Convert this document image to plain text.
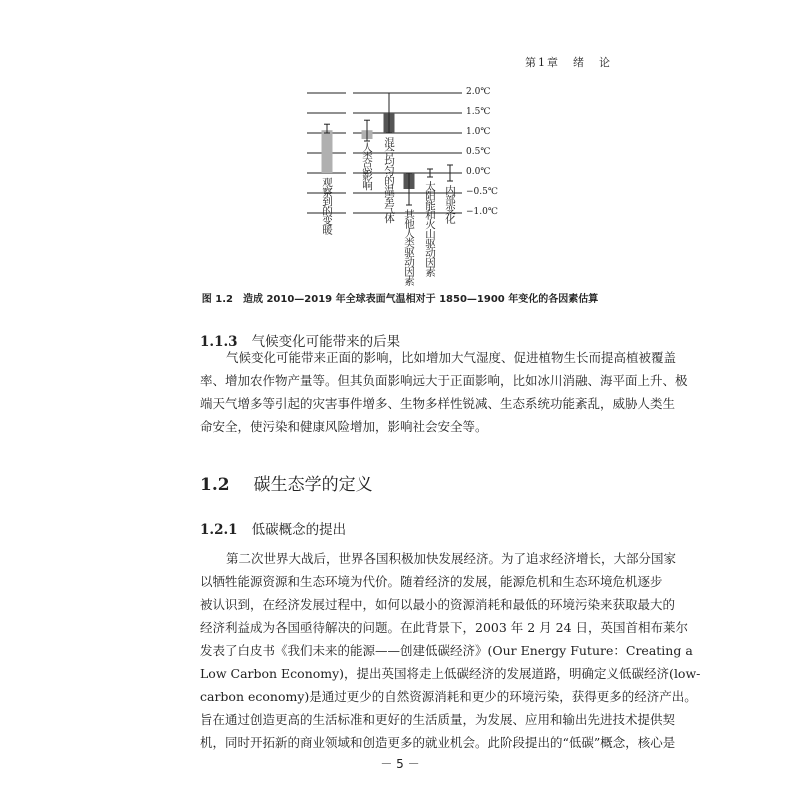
第1章　绪　论
观察到的变暖
人类总影响 混合均匀的温室气体
其他人类驱动因素 太阳能和火山驱动因素 内部变化
图 1.2　造成 2010—2019 年全球表面气温相对于 1850—1900 年变化的各因素估算
1.1.3 气候变化可能带来的后果
气候变化可能带来正面的影响，比如增加大气湿度、促进植物生长而提高植被覆盖
率、增加农作物产量等。但其负面影响远大于正面影响，比如冰川消融、海平面上升、极
端天气增多等引起的灾害事件增多、生物多样性锐减、生态系统功能紊乱，威胁人类生
命安全，使污染和健康风险增加，影响社会安全等。
1.2 碳生态学的定义
1.2.1 低碳概念的提出
第二次世界大战后，世界各国积极加快发展经济。为了追求经济增长，大部分国家
以牺牲能源资源和生态环境为代价。随着经济的发展，能源危机和生态环境危机逐步
被认识到，在经济发展过程中，如何以最小的资源消耗和最低的环境污染来获取最大的
经济利益成为各国亟待解决的问题。在此背景下，2003 年 2 月 24 日，英国首相布莱尔
发表了白皮书《我们未来的能源——创建低碳经济》(Our Energy Future：Creating a
Low Carbon Economy)，提出英国将走上低碳经济的发展道路，明确定义低碳经济(low-
carbon economy)是通过更少的自然资源消耗和更少的环境污染，获得更多的经济产出。
旨在通过创造更高的生活标准和更好的生活质量，为发展、应用和输出先进技术提供契
机，同时开拓新的商业领域和创造更多的就业机会。此阶段提出的“低碳”概念，核心是
－ 5 －
2.0℃
1.5℃
1.0℃
0.5℃
0.0℃
−0.5℃
−1.0℃
